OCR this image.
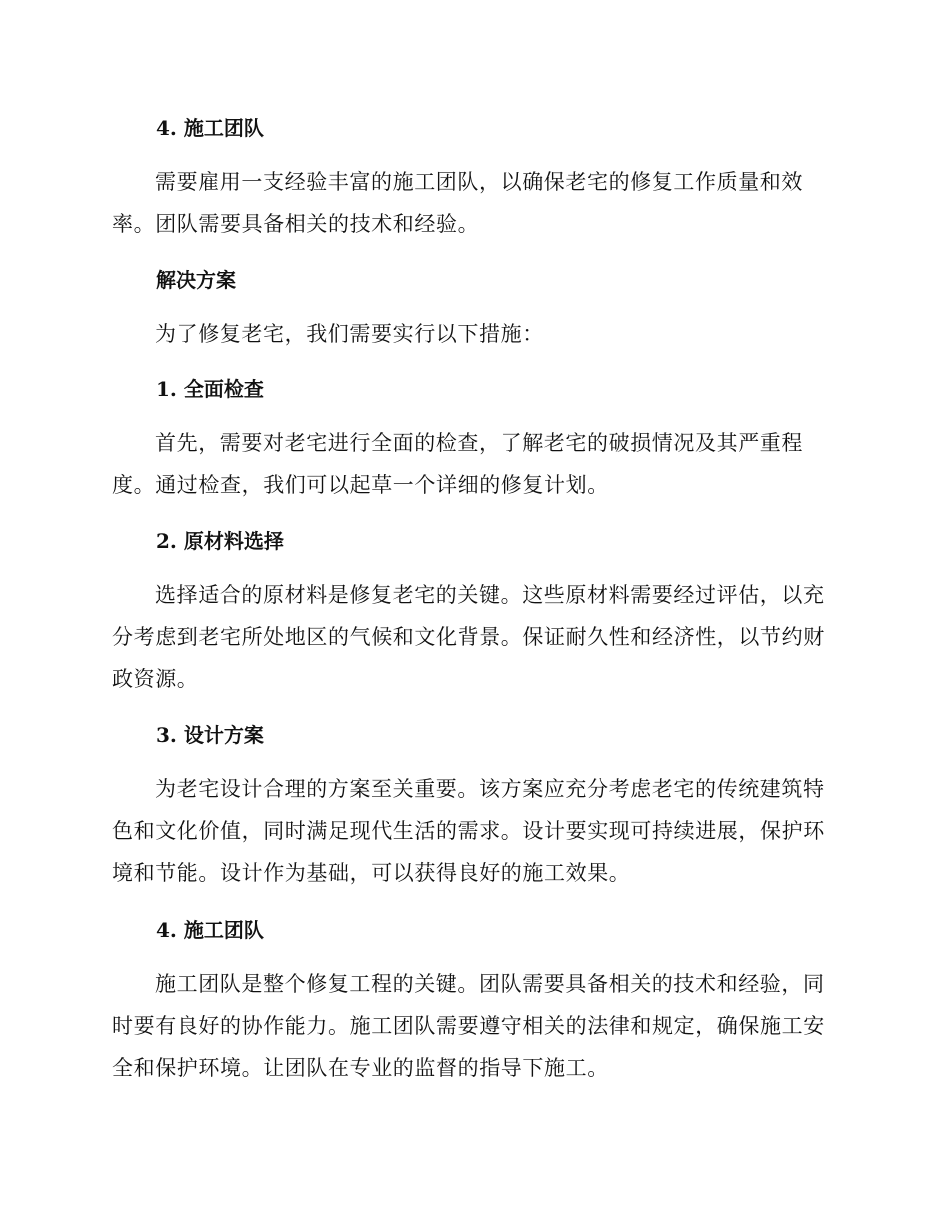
4. 施工团队
需要雇用一支经验丰富的施工团队，以确保老宅的修复工作质量和效
率。团队需要具备相关的技术和经验。
解决方案
为了修复老宅，我们需要实行以下措施：
1. 全面检查
首先，需要对老宅进行全面的检查，了解老宅的破损情况及其严重程
度。通过检查，我们可以起草一个详细的修复计划。
2. 原材料选择
选择适合的原材料是修复老宅的关键。这些原材料需要经过评估，以充
分考虑到老宅所处地区的气候和文化背景。保证耐久性和经济性，以节约财
政资源。
3. 设计方案
为老宅设计合理的方案至关重要。该方案应充分考虑老宅的传统建筑特
色和文化价值，同时满足现代生活的需求。设计要实现可持续进展，保护环
境和节能。设计作为基础，可以获得良好的施工效果。
4. 施工团队
施工团队是整个修复工程的关键。团队需要具备相关的技术和经验，同
时要有良好的协作能力。施工团队需要遵守相关的法律和规定，确保施工安
全和保护环境。让团队在专业的监督的指导下施工。
